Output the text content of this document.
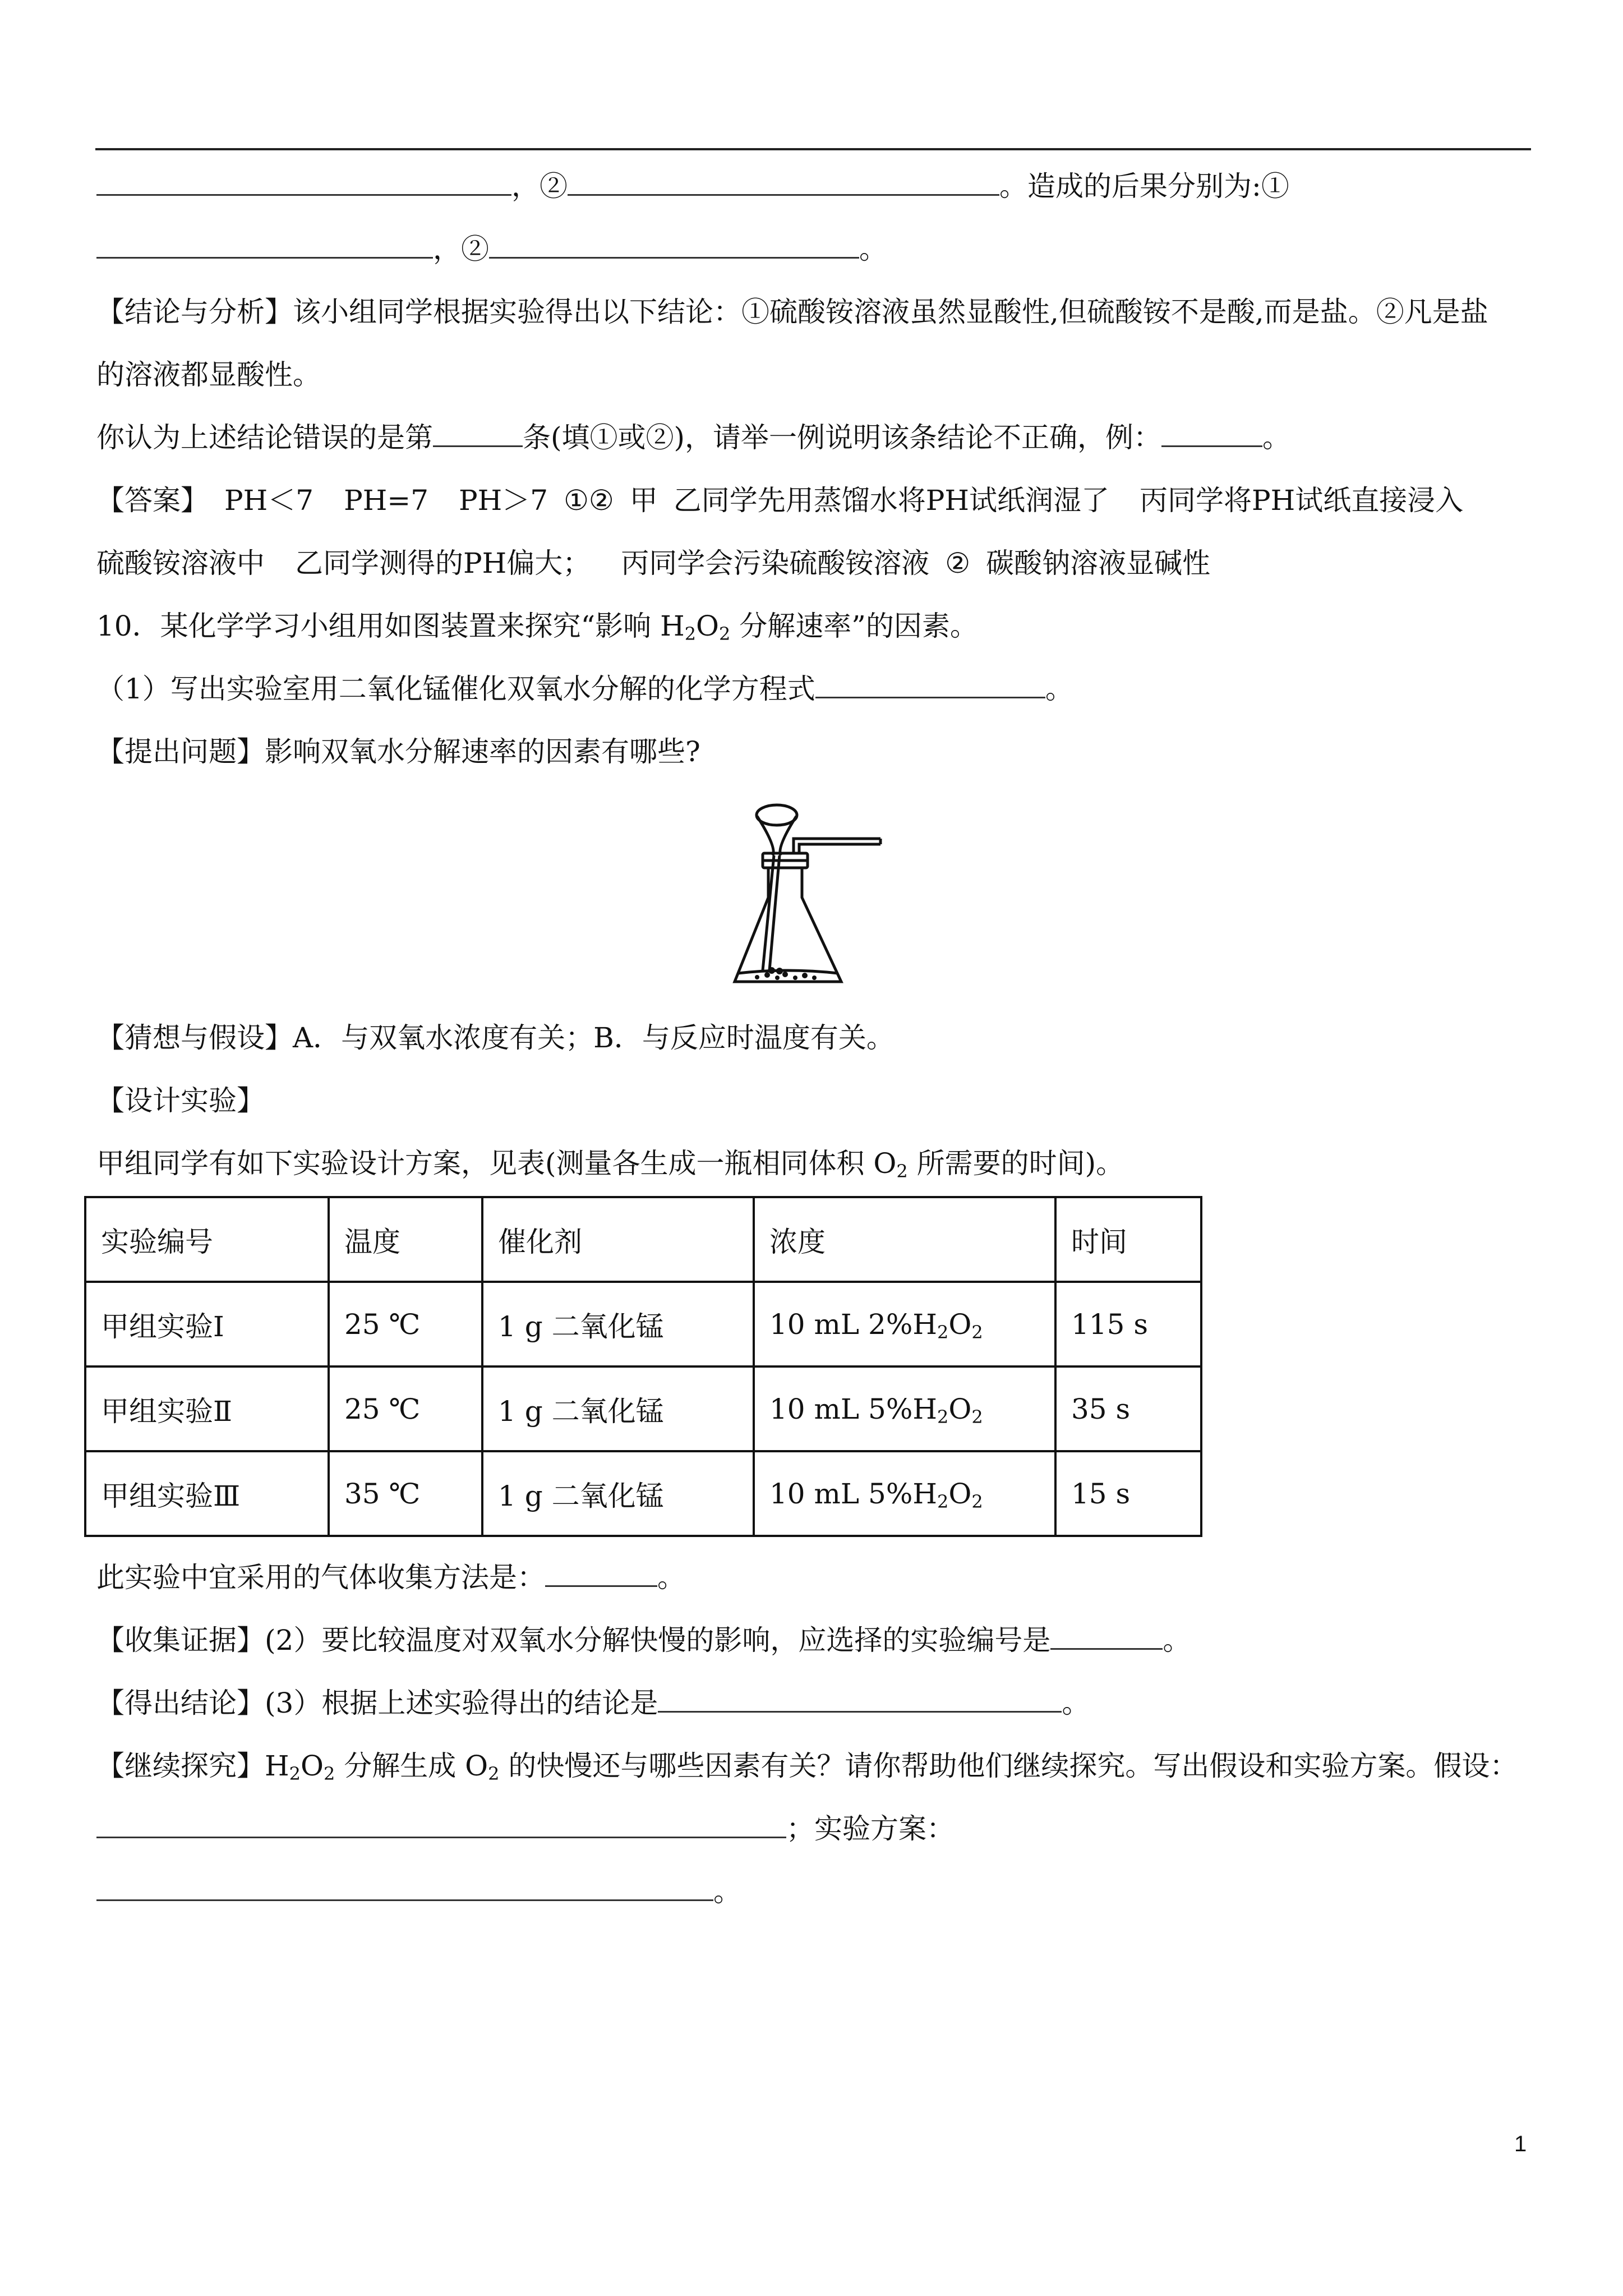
，②	。造成的后果分别为:①
，②	。
【结论与分析】该小组同学根据实验得出以下结论：①硫酸铵溶液虽然显酸性,但硫酸铵不是酸,而是盐。②凡是盐
的溶液都显酸性。
你认为上述结论错误的是第	条(填①或②)，请举一例说明该条结论不正确，例：	。
【答案】 PH＜7 PH=7 PH＞7 ①② 甲 乙同学先用蒸馏水将PH试纸润湿了 丙同学将PH试纸直接浸入
硫酸铵溶液中 乙同学测得的PH偏大； 丙同学会污染硫酸铵溶液 ② 碳酸钠溶液显碱性
10．某化学学习小组用如图装置来探究“影响 $H_2O_2$ 分解速率”的因素。
（1）写出实验室用二氧化锰催化双氧水分解的化学方程式	。
【提出问题】影响双氧水分解速率的因素有哪些?
【猜想与假设】A．与双氧水浓度有关；B．与反应时温度有关。
【设计实验】
甲组同学有如下实验设计方案，见表(测量各生成一瓶相同体积 $O_2$ 所需要的时间)。
实验编号	温度	催化剂	浓度	时间
甲组实验Ⅰ	25 ℃	1 g 二氧化锰	10 mL $2\%H_2O_2$	115 s
甲组实验Ⅱ	25 ℃	1 g 二氧化锰	10 mL $5\%H_2O_2$	35 s
甲组实验Ⅲ	35 ℃	1 g 二氧化锰	10 mL $5\%H_2O_2$	15 s
此实验中宜采用的气体收集方法是：	。
【收集证据】(2）要比较温度对双氧水分解快慢的影响，应选择的实验编号是	。
【得出结论】(3）根据上述实验得出的结论是	。
【继续探究】$H_2O_2$ 分解生成 $O_2$ 的快慢还与哪些因素有关？请你帮助他们继续探究。写出假设和实验方案。假设：
；实验方案：
。
1
